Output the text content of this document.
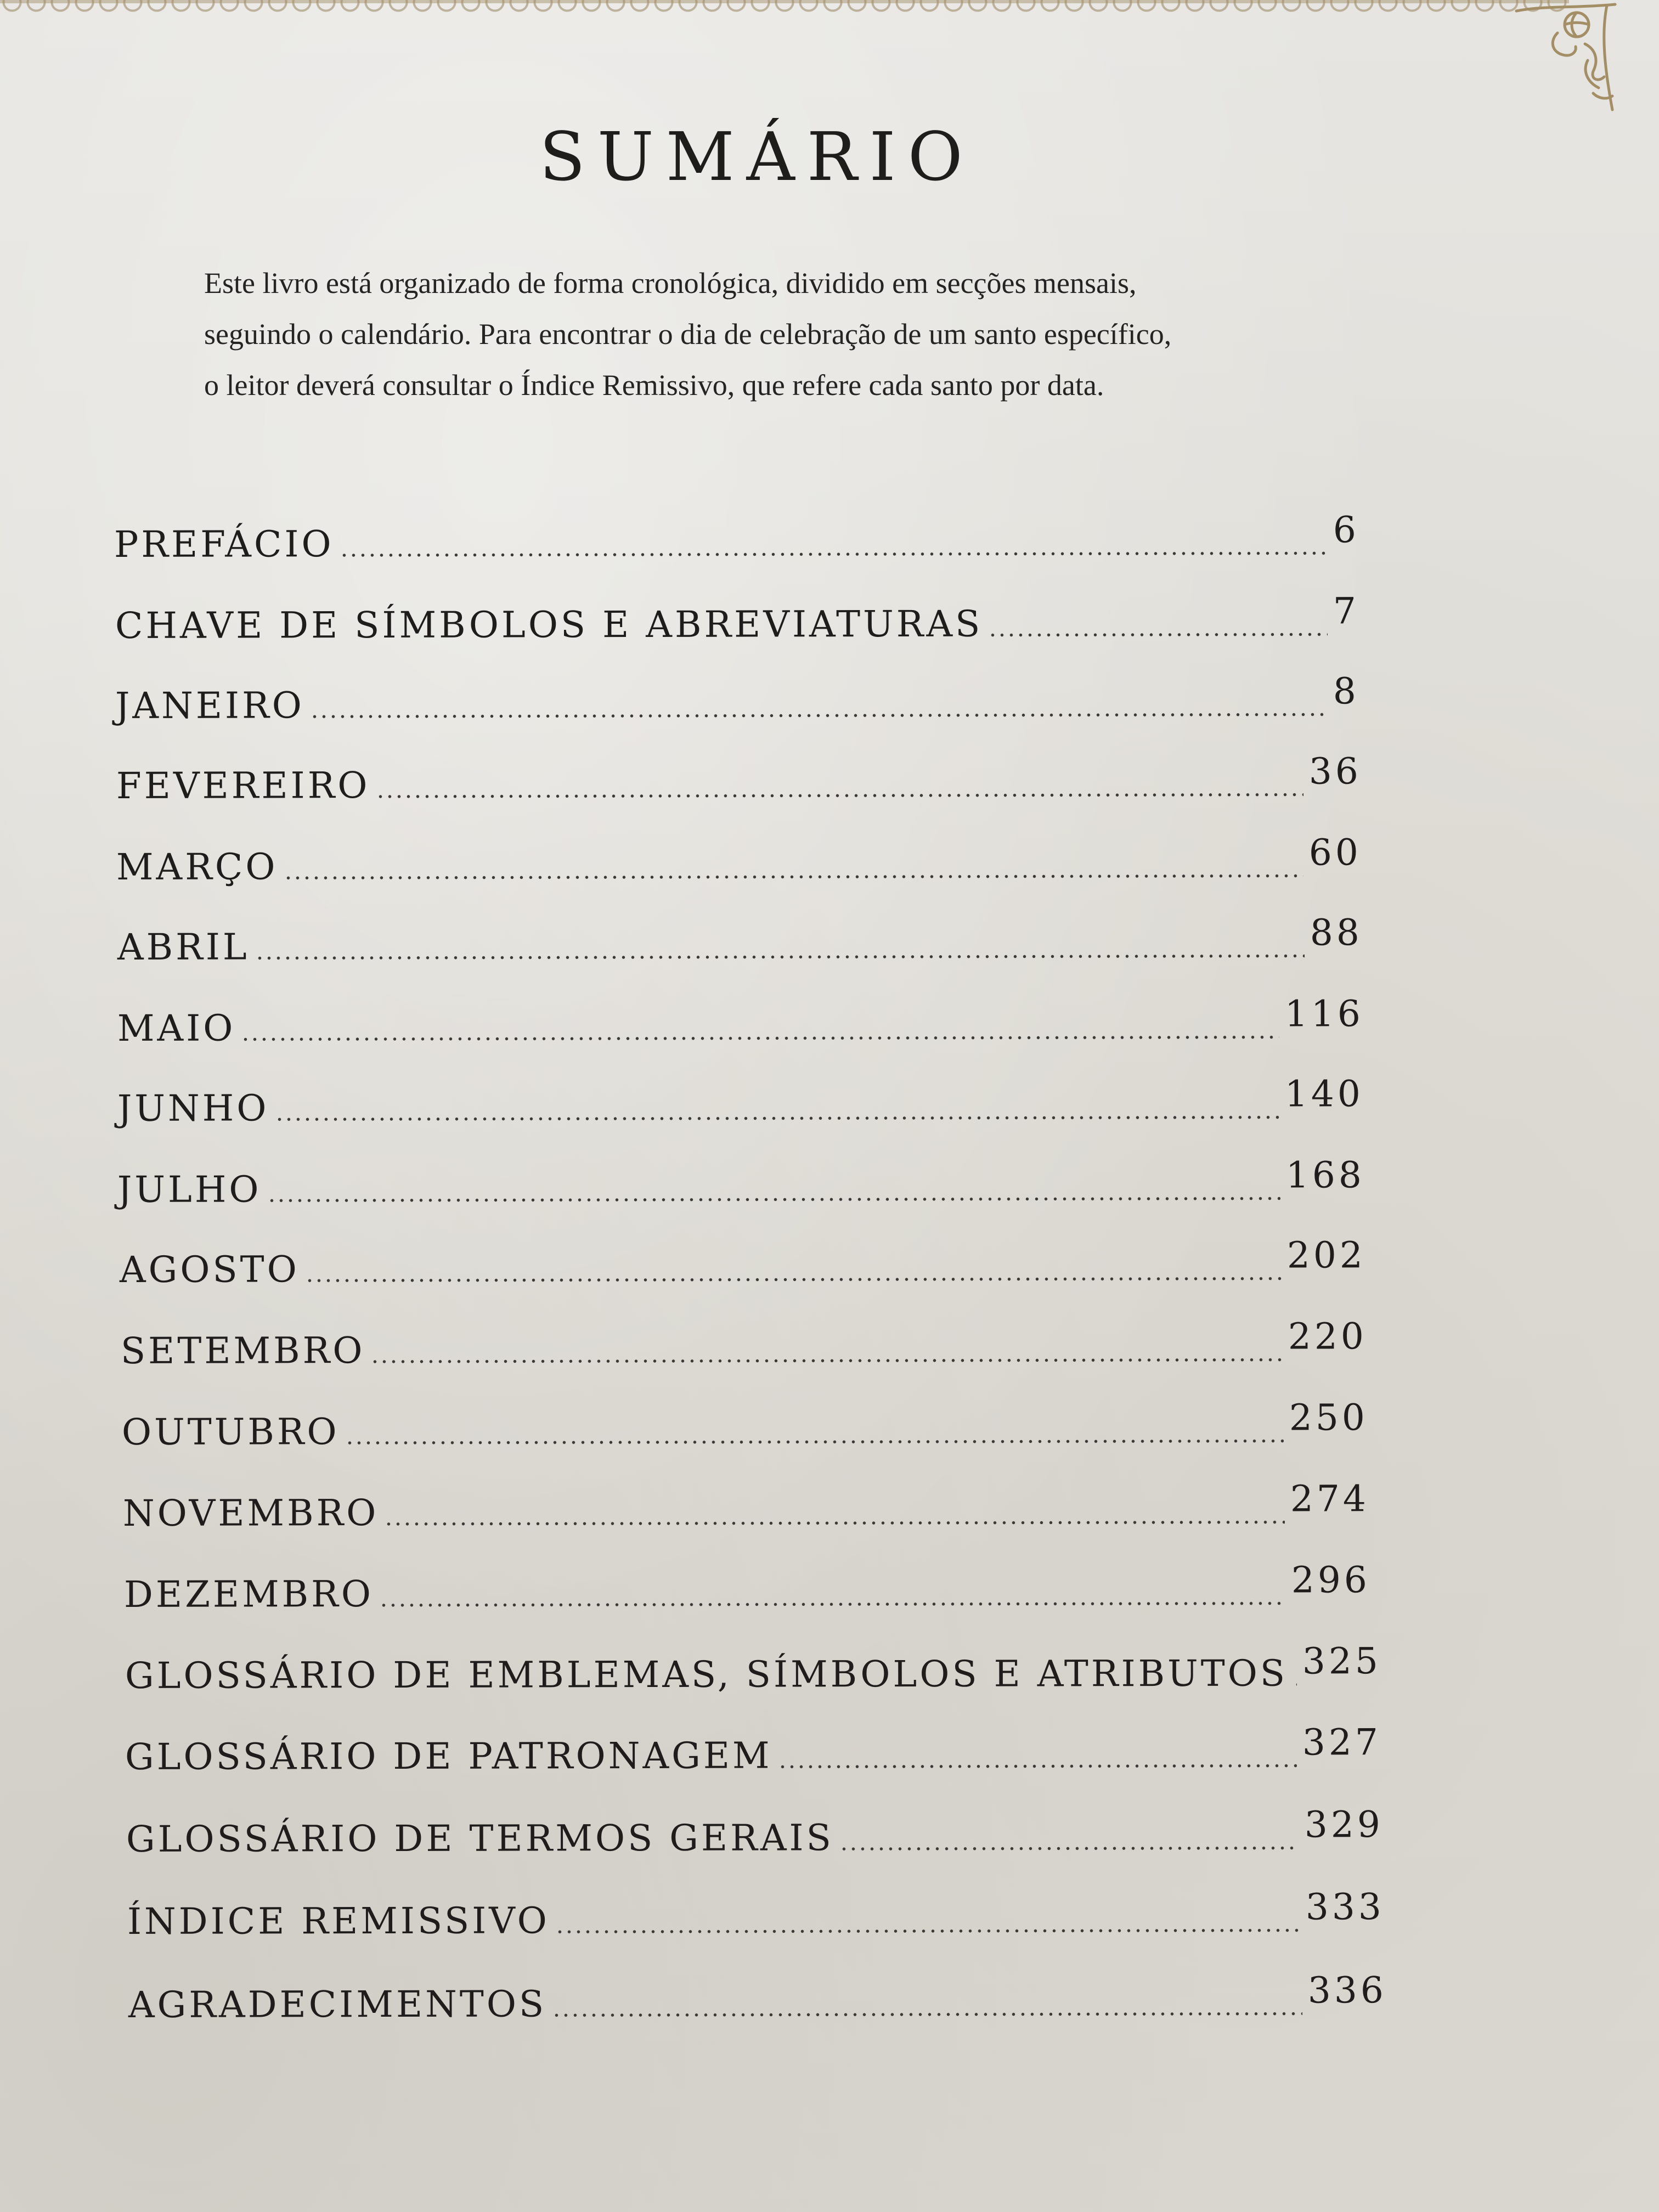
SUMÁRIO
Este livro está organizado de forma cronológica, dividido em secções mensais,
seguindo o calendário. Para encontrar o dia de celebração de um santo específico,
o leitor deverá consultar o Índice Remissivo, que refere cada santo por data.
PREFÁCIO	6
CHAVE DE SÍMBOLOS E ABREVIATURAS	7
JANEIRO	8
FEVEREIRO	36
MARÇO	60
ABRIL	88
MAIO	116
JUNHO	140
JULHO	168
AGOSTO	202
SETEMBRO	220
OUTUBRO	250
NOVEMBRO	274
DEZEMBRO	296
GLOSSÁRIO DE EMBLEMAS, SÍMBOLOS E ATRIBUTOS 325
GLOSSÁRIO DE PATRONAGEM	327
GLOSSÁRIO DE TERMOS GERAIS	329
ÍNDICE REMISSIVO	333
AGRADECIMENTOS	336
